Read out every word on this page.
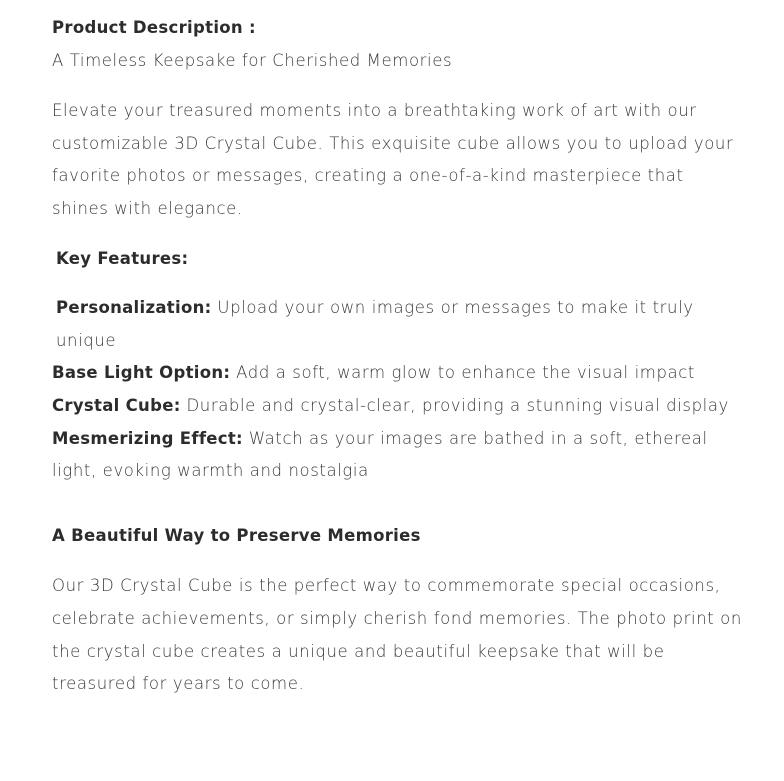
Product Description :

A Timeless Keepsake for Cherished Memories

Elevate your treasured moments into a breathtaking work of art with our customizable 3D Crystal Cube. This exquisite cube allows you to upload your favorite photos or messages, creating a one-of-a-kind masterpiece that shines with elegance.

Key Features:

Personalization: Upload your own images or messages to make it truly unique

Base Light Option: Add a soft, warm glow to enhance the visual impact

Crystal Cube: Durable and crystal-clear, providing a stunning visual display

Mesmerizing Effect: Watch as your images are bathed in a soft, ethereal light, evoking warmth and nostalgia

A Beautiful Way to Preserve Memories

Our 3D Crystal Cube is the perfect way to commemorate special occasions, celebrate achievements, or simply cherish fond memories. The photo print on the crystal cube creates a unique and beautiful keepsake that will be treasured for years to come.
